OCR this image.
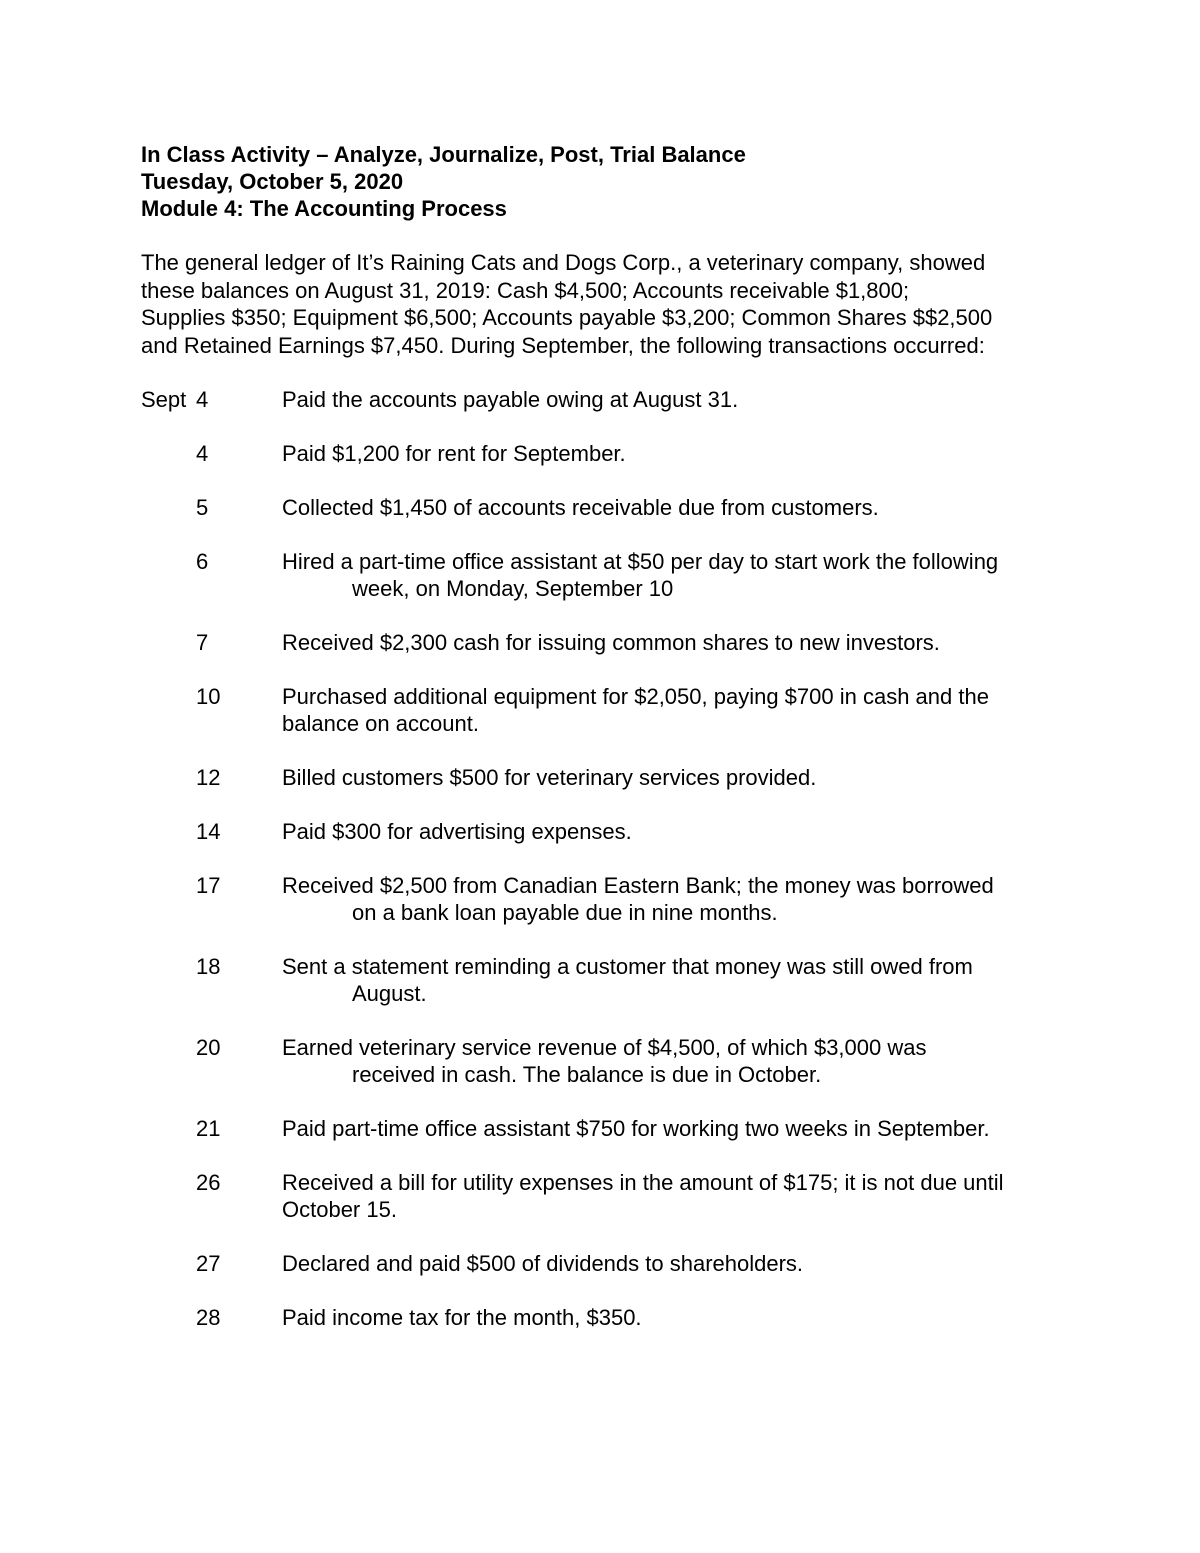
In Class Activity – Analyze, Journalize, Post, Trial Balance

Tuesday, October 5, 2020

Module 4: The Accounting Process

The general ledger of It’s Raining Cats and Dogs Corp., a veterinary company, showed
these balances on August 31, 2019: Cash $4,500; Accounts receivable $1,800;
Supplies $350; Equipment $6,500; Accounts payable $3,200; Common Shares $$2,500
and Retained Earnings $7,450. During September, the following transactions occurred:

Sept 4	Paid the accounts payable owing at August 31.
4	Paid $1,200 for rent for September.
5	Collected $1,450 of accounts receivable due from customers.
6	Hired a part-time office assistant at $50 per day to start work the following
week, on Monday, September 10
7	Received $2,300 cash for issuing common shares to new investors.
10	Purchased additional equipment for $2,050, paying $700 in cash and the
balance on account.
12	Billed customers $500 for veterinary services provided.
14	Paid $300 for advertising expenses.
17	Received $2,500 from Canadian Eastern Bank; the money was borrowed
on a bank loan payable due in nine months.
18	Sent a statement reminding a customer that money was still owed from
August.
20	Earned veterinary service revenue of $4,500, of which $3,000 was
received in cash. The balance is due in October.
21	Paid part-time office assistant $750 for working two weeks in September.
26	Received a bill for utility expenses in the amount of $175; it is not due until
October 15.
27	Declared and paid $500 of dividends to shareholders.
28	Paid income tax for the month, $350.
